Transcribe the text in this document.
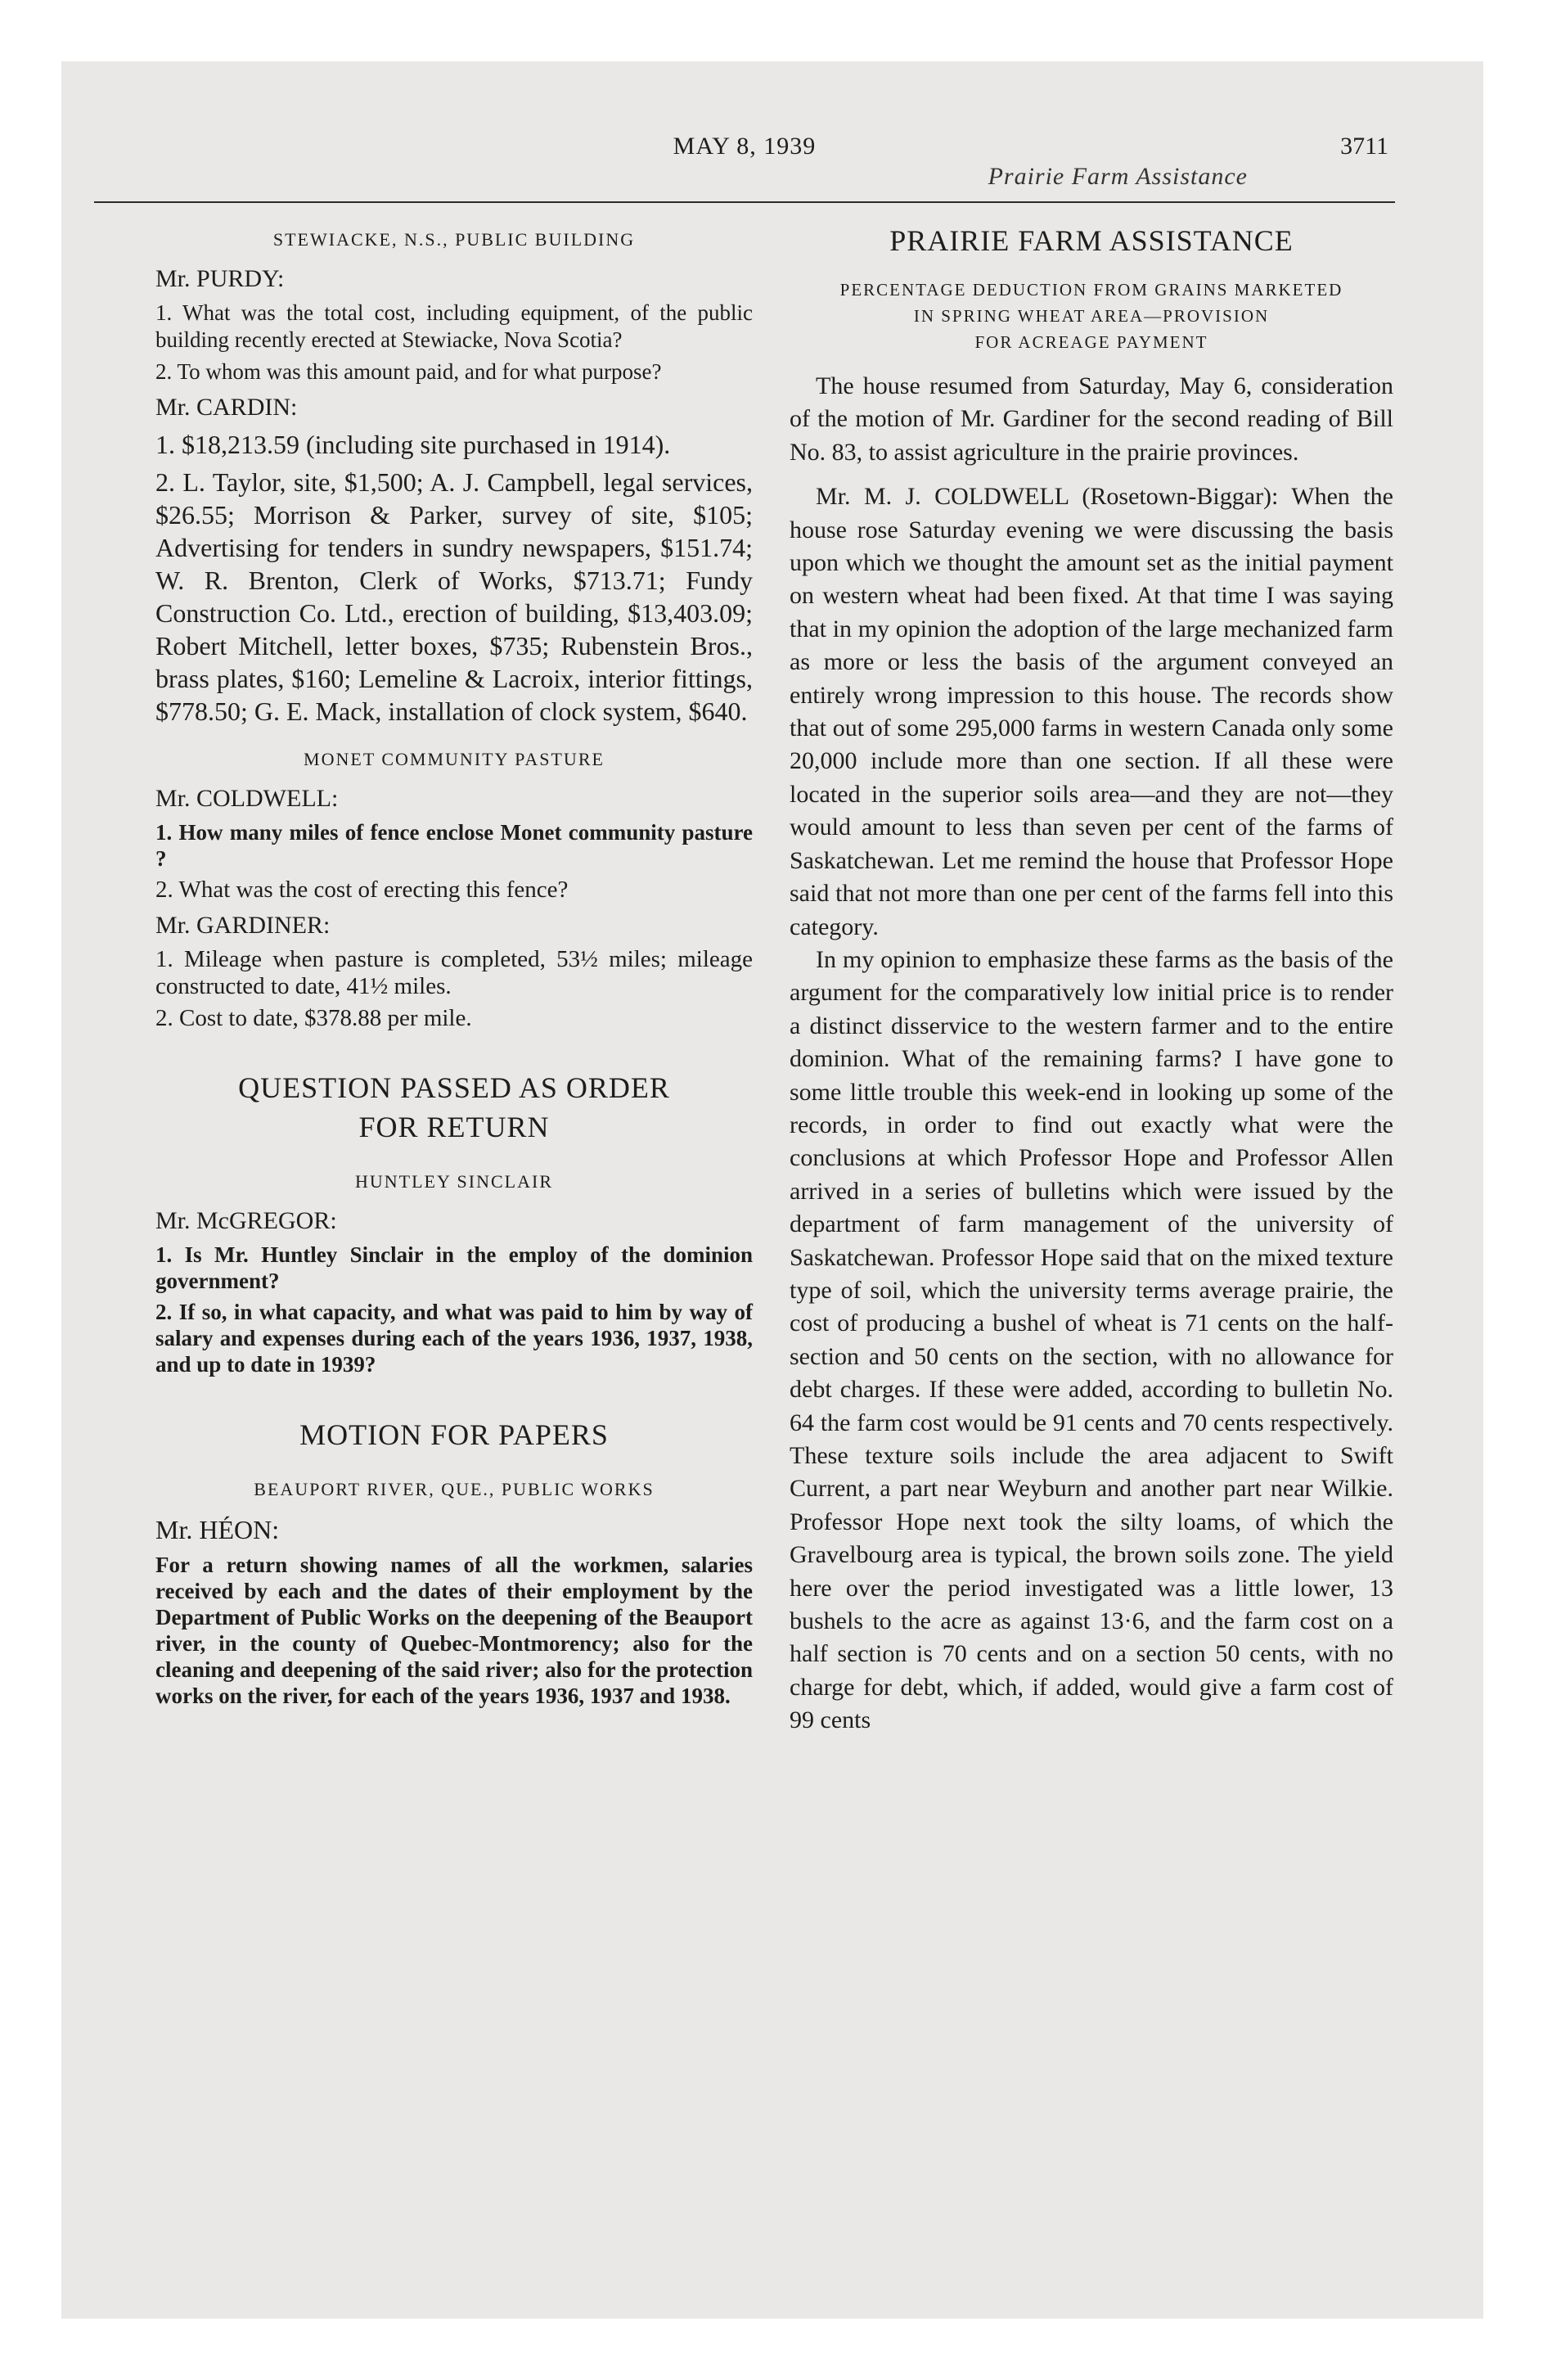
MAY 8, 1939
Prairie Farm Assistance
3711
STEWIACKE, N.S., PUBLIC BUILDING
Mr. PURDY:

1. What was the total cost, including equipment, of the public building recently erected at Stewiacke, Nova Scotia?

2. To whom was this amount paid, and for what purpose?

Mr. CARDIN:

1. $18,213.59 (including site purchased in 1914).

2. L. Taylor, site, $1,500; A. J. Campbell, legal services, $26.55; Morrison & Parker, survey of site, $105; Advertising for tenders in sundry newspapers, $151.74; W. R. Brenton, Clerk of Works, $713.71; Fundy Construction Co. Ltd., erection of building, $13,403.09; Robert Mitchell, letter boxes, $735; Rubenstein Bros., brass plates, $160; Lemeline & Lacroix, interior fittings, $778.50; G. E. Mack, installation of clock system, $640.

MONET COMMUNITY PASTURE
Mr. COLDWELL:

1. How many miles of fence enclose Monet community pasture ?

2. What was the cost of erecting this fence?

Mr. GARDINER:

1. Mileage when pasture is completed, 53½ miles; mileage constructed to date, 41½ miles.

2. Cost to date, $378.88 per mile.

QUESTION PASSED AS ORDER
FOR RETURN
HUNTLEY SINCLAIR
Mr. McGREGOR:

1. Is Mr. Huntley Sinclair in the employ of the dominion government?

2. If so, in what capacity, and what was paid to him by way of salary and expenses during each of the years 1936, 1937, 1938, and up to date in 1939?

MOTION FOR PAPERS
BEAUPORT RIVER, QUE., PUBLIC WORKS
Mr. HÉON:

For a return showing names of all the workmen, salaries received by each and the dates of their employment by the Department of Public Works on the deepening of the Beauport river, in the county of Quebec-Montmorency; also for the cleaning and deepening of the said river; also for the protection works on the river, for each of the years 1936, 1937 and 1938.

PRAIRIE FARM ASSISTANCE
PERCENTAGE DEDUCTION FROM GRAINS MARKETED
IN SPRING WHEAT AREA—PROVISION
FOR ACREAGE PAYMENT

The house resumed from Saturday, May 6, consideration of the motion of Mr. Gardiner for the second reading of Bill No. 83, to assist agriculture in the prairie provinces.

Mr. M. J. COLDWELL (Rosetown-Biggar): When the house rose Saturday evening we were discussing the basis upon which we thought the amount set as the initial payment on western wheat had been fixed. At that time I was saying that in my opinion the adoption of the large mechanized farm as more or less the basis of the argument conveyed an entirely wrong impression to this house. The records show that out of some 295,000 farms in western Canada only some 20,000 include more than one section. If all these were located in the superior soils area—and they are not—they would amount to less than seven per cent of the farms of Saskatchewan. Let me remind the house that Professor Hope said that not more than one per cent of the farms fell into this category.

In my opinion to emphasize these farms as the basis of the argument for the comparatively low initial price is to render a distinct disservice to the western farmer and to the entire dominion. What of the remaining farms? I have gone to some little trouble this week-end in looking up some of the records, in order to find out exactly what were the conclusions at which Professor Hope and Professor Allen arrived in a series of bulletins which were issued by the department of farm management of the university of Saskatchewan. Professor Hope said that on the mixed texture type of soil, which the university terms average prairie, the cost of producing a bushel of wheat is 71 cents on the half-section and 50 cents on the section, with no allowance for debt charges. If these were added, according to bulletin No. 64 the farm cost would be 91 cents and 70 cents respectively. These texture soils include the area adjacent to Swift Current, a part near Weyburn and another part near Wilkie. Professor Hope next took the silty loams, of which the Gravelbourg area is typical, the brown soils zone. The yield here over the period investigated was a little lower, 13 bushels to the acre as against 13·6, and the farm cost on a half section is 70 cents and on a section 50 cents, with no charge for debt, which, if added, would give a farm cost of 99 cents
